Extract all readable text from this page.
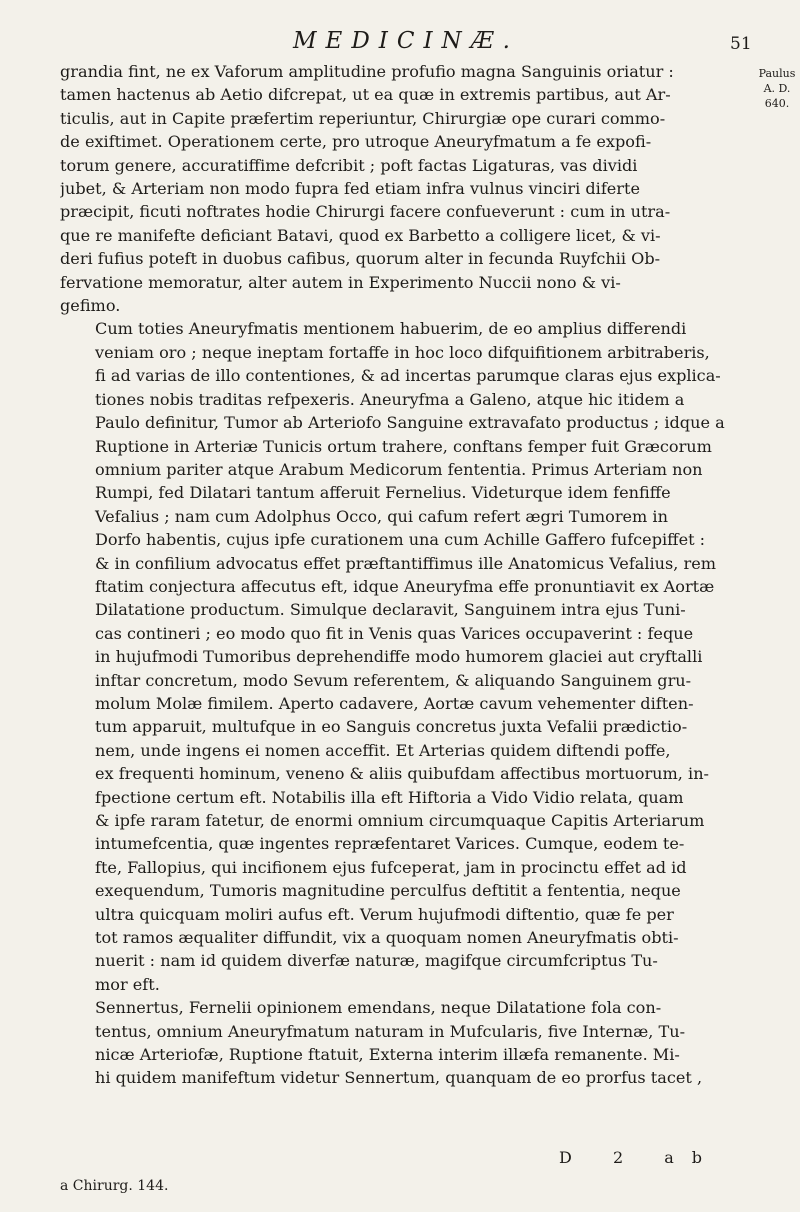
MEDICINÆ.	51
Paulus
A. D.
640.

grandia fint, ne ex Vaforum amplitudine profufio magna Sanguinis oriatur :
tamen hactenus ab Aetio difcrepat, ut ea quæ in extremis partibus, aut Ar-
ticulis, aut in Capite præfertim reperiuntur, Chirurgiæ ope curari commo-
de exiftimet. Operationem certe, pro utroque Aneuryfmatum a fe expofi-
torum genere, accuratiffime defcribit ; poft factas Ligaturas, vas dividi
jubet, & Arteriam non modo fupra fed etiam infra vulnus vinciri diferte
præcipit, ficuti noftrates hodie Chirurgi facere confueverunt : cum in utra-
que re manifefte deficiant Batavi, quod ex Barbetto a colligere licet, & vi-
deri fufius poteft in duobus cafibus, quorum alter in fecunda Ruyfchii Ob-
fervatione memoratur, alter autem in Experimento Nuccii nono & vi-
gefimo.

Cum toties Aneuryfmatis mentionem habuerim, de eo amplius differendi
veniam oro ; neque ineptam fortaffe in hoc loco difquifitionem arbitraberis,
fi ad varias de illo contentiones, & ad incertas parumque claras ejus explica-
tiones nobis traditas refpexeris. Aneuryfma a Galeno, atque hic itidem a
Paulo definitur, Tumor ab Arteriofo Sanguine extravafato productus ; idque a
Ruptione in Arteriæ Tunicis ortum trahere, conftans femper fuit Græcorum
omnium pariter atque Arabum Medicorum fententia. Primus Arteriam non
Rumpi, fed Dilatari tantum afferuit Fernelius. Videturque idem fenfiffe
Vefalius ; nam cum Adolphus Occo, qui cafum refert ægri Tumorem in
Dorfo habentis, cujus ipfe curationem una cum Achille Gaffero fufcepiffet :
& in confilium advocatus effet præftantiffimus ille Anatomicus Vefalius, rem
ftatim conjectura affecutus eft, idque Aneuryfma effe pronuntiavit ex Aortæ
Dilatatione productum. Simulque declaravit, Sanguinem intra ejus Tuni-
cas contineri ; eo modo quo fit in Venis quas Varices occupaverint : feque
in hujufmodi Tumoribus deprehendiffe modo humorem glaciei aut cryftalli
inftar concretum, modo Sevum referentem, & aliquando Sanguinem gru-
molum Molæ fimilem. Aperto cadavere, Aortæ cavum vehementer diften-
tum apparuit, multufque in eo Sanguis concretus juxta Vefalii prædictio-
nem, unde ingens ei nomen acceffit. Et Arterias quidem diftendi poffe,
ex frequenti hominum, veneno & aliis quibufdam affectibus mortuorum, in-
fpectione certum eft. Notabilis illa eft Hiftoria a Vido Vidio relata, quam
& ipfe raram fatetur, de enormi omnium circumquaque Capitis Arteriarum
intumefcentia, quæ ingentes repræfentaret Varices. Cumque, eodem te-
fte, Fallopius, qui incifionem ejus fufceperat, jam in procinctu effet ad id
exequendum, Tumoris magnitudine perculfus deftitit a fententia, neque
ultra quicquam moliri aufus eft. Verum hujufmodi diftentio, quæ fe per
tot ramos æqualiter diffundit, vix a quoquam nomen Aneuryfmatis obti-
nuerit : nam id quidem diverfæ naturæ, magifque circumfcriptus Tu-
mor eft.

Sennertus, Fernelii opinionem emendans, neque Dilatatione fola con-
tentus, omnium Aneuryfmatum naturam in Mufcularis, five Internæ, Tu-
nicæ Arteriofæ, Ruptione ftatuit, Externa interim illæfa remanente. Mi-
hi quidem manifeftum videtur Sennertum, quanquam de eo prorfus tacet ,

D 2 ab
a Chirurg. 144.
